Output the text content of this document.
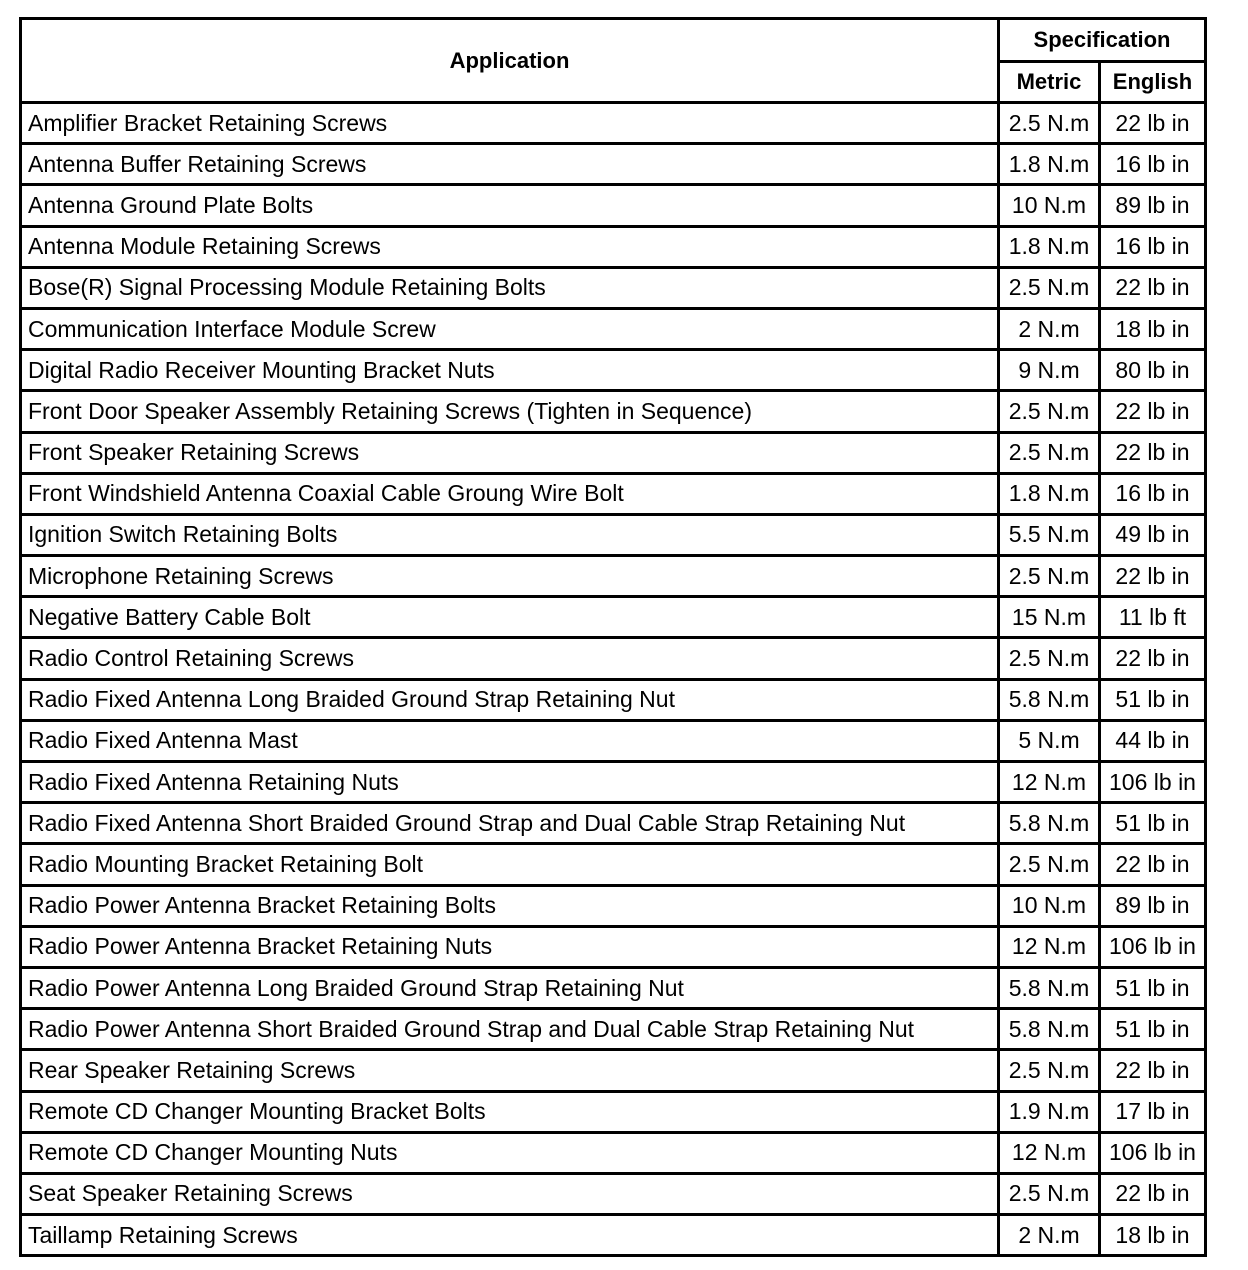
Application	Specification	
	Metric	English
Amplifier Bracket Retaining Screws	2.5 N.m	22 lb in
Antenna Buffer Retaining Screws	1.8 N.m	16 lb in
Antenna Ground Plate Bolts	10 N.m	89 lb in
Antenna Module Retaining Screws	1.8 N.m	16 lb in
Bose(R) Signal Processing Module Retaining Bolts	2.5 N.m	22 lb in
Communication Interface Module Screw	2 N.m	18 lb in
Digital Radio Receiver Mounting Bracket Nuts	9 N.m	80 lb in
Front Door Speaker Assembly Retaining Screws (Tighten in Sequence)	2.5 N.m	22 lb in
Front Speaker Retaining Screws	2.5 N.m	22 lb in
Front Windshield Antenna Coaxial Cable Groung Wire Bolt	1.8 N.m	16 lb in
Ignition Switch Retaining Bolts	5.5 N.m	49 lb in
Microphone Retaining Screws	2.5 N.m	22 lb in
Negative Battery Cable Bolt	15 N.m	11 lb ft
Radio Control Retaining Screws	2.5 N.m	22 lb in
Radio Fixed Antenna Long Braided Ground Strap Retaining Nut	5.8 N.m	51 lb in
Radio Fixed Antenna Mast	5 N.m	44 lb in
Radio Fixed Antenna Retaining Nuts	12 N.m	106 lb in
Radio Fixed Antenna Short Braided Ground Strap and Dual Cable Strap Retaining Nut	5.8 N.m	51 lb in
Radio Mounting Bracket Retaining Bolt	2.5 N.m	22 lb in
Radio Power Antenna Bracket Retaining Bolts	10 N.m	89 lb in
Radio Power Antenna Bracket Retaining Nuts	12 N.m	106 lb in
Radio Power Antenna Long Braided Ground Strap Retaining Nut	5.8 N.m	51 lb in
Radio Power Antenna Short Braided Ground Strap and Dual Cable Strap Retaining Nut	5.8 N.m	51 lb in
Rear Speaker Retaining Screws	2.5 N.m	22 lb in
Remote CD Changer Mounting Bracket Bolts	1.9 N.m	17 lb in
Remote CD Changer Mounting Nuts	12 N.m	106 lb in
Seat Speaker Retaining Screws	2.5 N.m	22 lb in
Taillamp Retaining Screws	2 N.m	18 lb in
